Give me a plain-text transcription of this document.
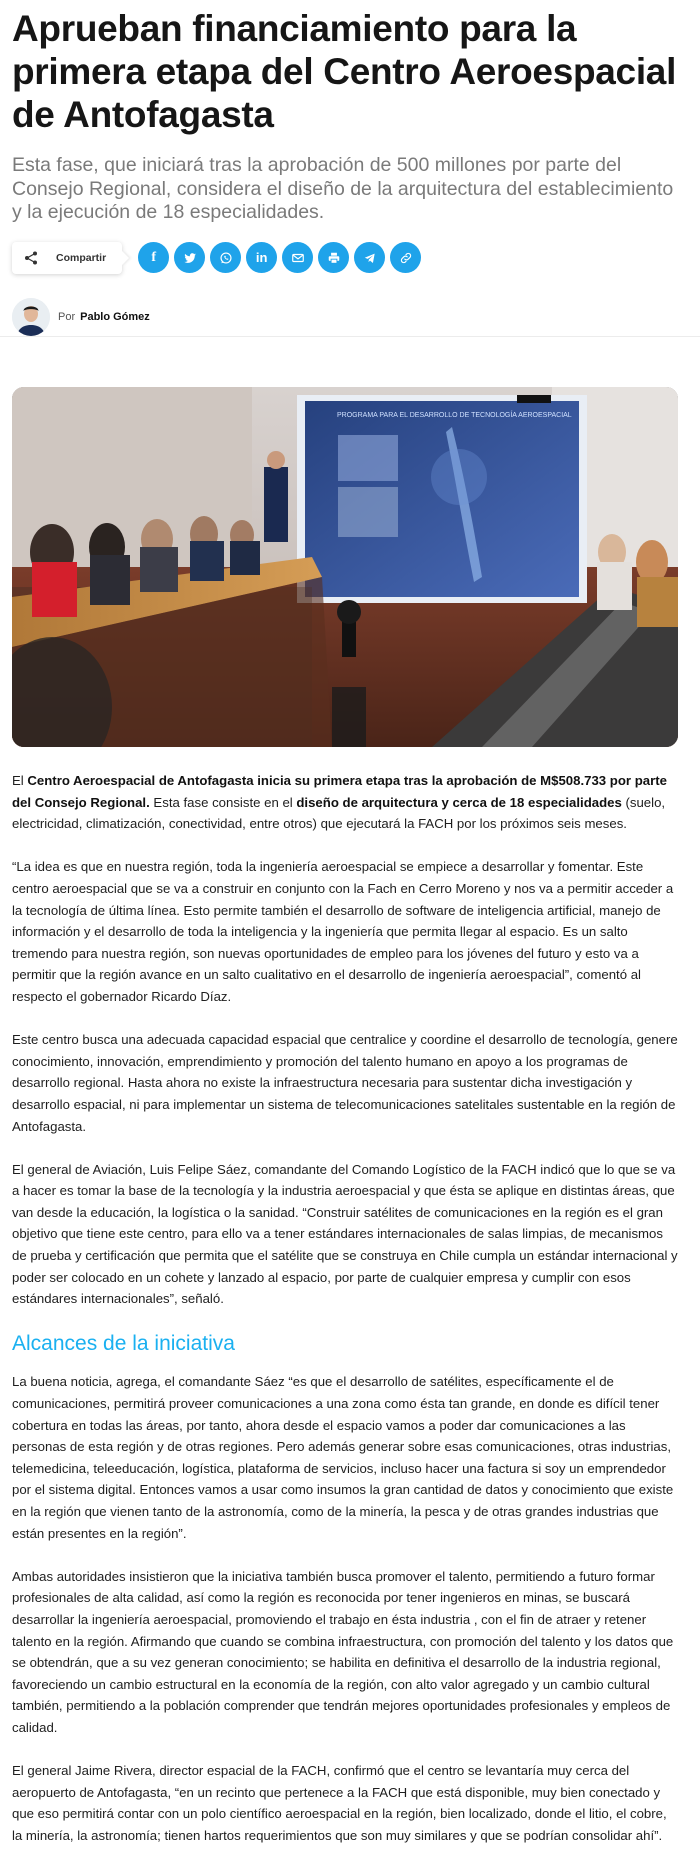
Aprueban financiamiento para la primera etapa del Centro Aeroespacial de Antofagasta

Esta fase, que iniciará tras la aprobación de 500 millones por parte del Consejo Regional, considera el diseño de la arquitectura del establecimiento y la ejecución de 18 especialidades.

Compartir	f	in
Por Pablo Gómez
PROGRAMA PARA EL DESARROLLO DE TECNOLOGÍA AEROESPACIAL

El Centro Aeroespacial de Antofagasta inicia su primera etapa tras la aprobación de M$508.733 por parte del Consejo Regional. Esta fase consiste en el diseño de arquitectura y cerca de 18 especialidades (suelo, electricidad, climatización, conectividad, entre otros) que ejecutará la FACH por los próximos seis meses.

“La idea es que en nuestra región, toda la ingeniería aeroespacial se empiece a desarrollar y fomentar. Este centro aeroespacial que se va a construir en conjunto con la Fach en Cerro Moreno y nos va a permitir acceder a la tecnología de última línea. Esto permite también el desarrollo de software de inteligencia artificial, manejo de información y el desarrollo de toda la inteligencia y la ingeniería que permita llegar al espacio. Es un salto tremendo para nuestra región, son nuevas oportunidades de empleo para los jóvenes del futuro y esto va a permitir que la región avance en un salto cualitativo en el desarrollo de ingeniería aeroespacial”, comentó al respecto el gobernador Ricardo Díaz.

Este centro busca una adecuada capacidad espacial que centralice y coordine el desarrollo de tecnología, genere conocimiento, innovación, emprendimiento y promoción del talento humano en apoyo a los programas de desarrollo regional. Hasta ahora no existe la infraestructura necesaria para sustentar dicha investigación y desarrollo espacial, ni para implementar un sistema de telecomunicaciones satelitales sustentable en la región de Antofagasta.

El general de Aviación, Luis Felipe Sáez, comandante del Comando Logístico de la FACH indicó que lo que se va a hacer es tomar la base de la tecnología y la industria aeroespacial y que ésta se aplique en distintas áreas, que van desde la educación, la logística o la sanidad. “Construir satélites de comunicaciones en la región es el gran objetivo que tiene este centro, para ello va a tener estándares internacionales de salas limpias, de mecanismos de prueba y certificación que permita que el satélite que se construya en Chile cumpla un estándar internacional y poder ser colocado en un cohete y lanzado al espacio, por parte de cualquier empresa y cumplir con esos estándares internacionales”, señaló.

Alcances de la iniciativa

La buena noticia, agrega, el comandante Sáez “es que el desarrollo de satélites, específicamente el de comunicaciones, permitirá proveer comunicaciones a una zona como ésta tan grande, en donde es difícil tener cobertura en todas las áreas, por tanto, ahora desde el espacio vamos a poder dar comunicaciones a las personas de esta región y de otras regiones. Pero además generar sobre esas comunicaciones, otras industrias, telemedicina, teleeducación, logística, plataforma de servicios, incluso hacer una factura si soy un emprendedor por el sistema digital. Entonces vamos a usar como insumos la gran cantidad de datos y conocimiento que existe en la región que vienen tanto de la astronomía, como de la minería, la pesca y de otras grandes industrias que están presentes en la región”.

Ambas autoridades insistieron que la iniciativa también busca promover el talento, permitiendo a futuro formar profesionales de alta calidad, así como la región es reconocida por tener ingenieros en minas, se buscará desarrollar la ingeniería aeroespacial, promoviendo el trabajo en ésta industria , con el fin de atraer y retener talento en la región. Afirmando que cuando se combina infraestructura, con promoción del talento y los datos que se obtendrán, que a su vez generan conocimiento; se habilita en definitiva el desarrollo de la industria regional, favoreciendo un cambio estructural en la economía de la región, con alto valor agregado y un cambio cultural también, permitiendo a la población comprender que tendrán mejores oportunidades profesionales y empleos de calidad.

El general Jaime Rivera, director espacial de la FACH, confirmó que el centro se levantaría muy cerca del aeropuerto de Antofagasta, “en un recinto que pertenece a la FACH que está disponible, muy bien conectado y que eso permitirá contar con un polo científico aeroespacial en la región, bien localizado, donde el litio, el cobre, la minería, la astronomía; tienen hartos requerimientos que son muy similares y que se podrían consolidar ahí”.
